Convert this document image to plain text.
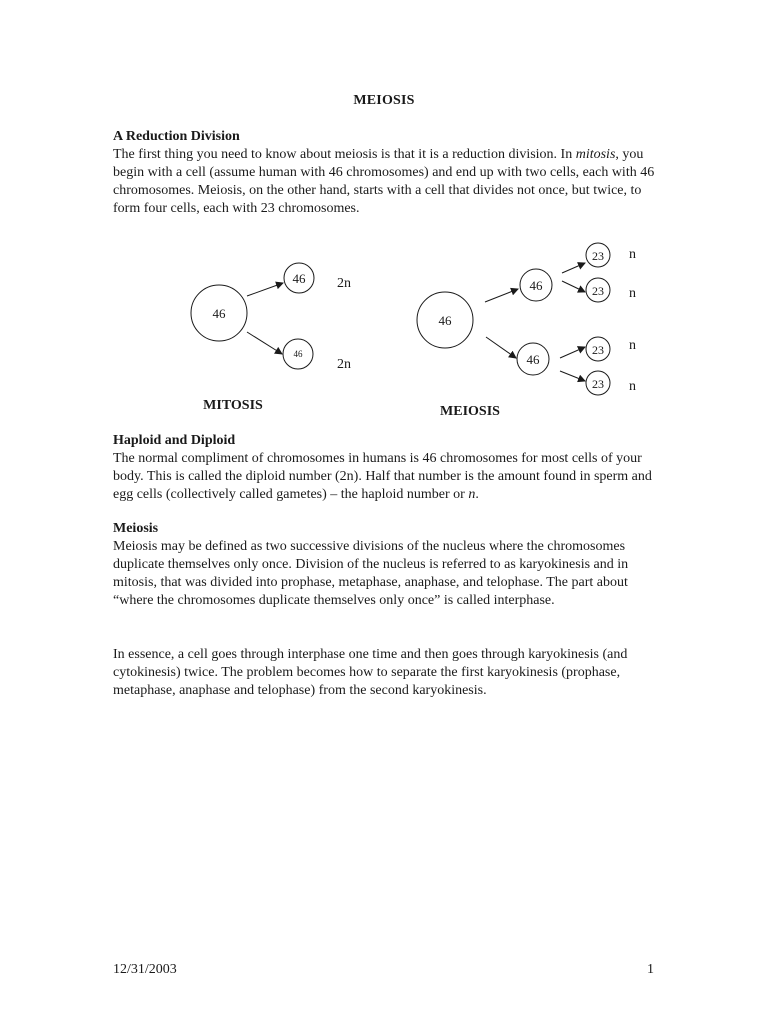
MEIOSIS

A Reduction Division

The first thing you need to know about meiosis is that it is a reduction division. In mitosis, you begin with a cell (assume human with 46 chromosomes) and end up with two cells, each with 46 chromosomes. Meiosis, on the other hand, starts with a cell that divides not once, but twice, to form four cells, each with 23 chromosomes.

46
46
46
2n
2n
MITOSIS
46
46
46
23
23
23
23
n
n
n
n
MEIOSIS

Haploid and Diploid

The normal compliment of chromosomes in humans is 46 chromosomes for most cells of your body. This is called the diploid number (2n). Half that number is the amount found in sperm and egg cells (collectively called gametes) – the haploid number or n.

Meiosis

Meiosis may be defined as two successive divisions of the nucleus where the chromosomes duplicate themselves only once. Division of the nucleus is referred to as karyokinesis and in mitosis, that was divided into prophase, metaphase, anaphase, and telophase. The part about “where the chromosomes duplicate themselves only once” is called interphase.

In essence, a cell goes through interphase one time and then goes through karyokinesis (and cytokinesis) twice. The problem becomes how to separate the first karyokinesis (prophase, metaphase, anaphase and telophase) from the second karyokinesis.

12/31/2003	1
